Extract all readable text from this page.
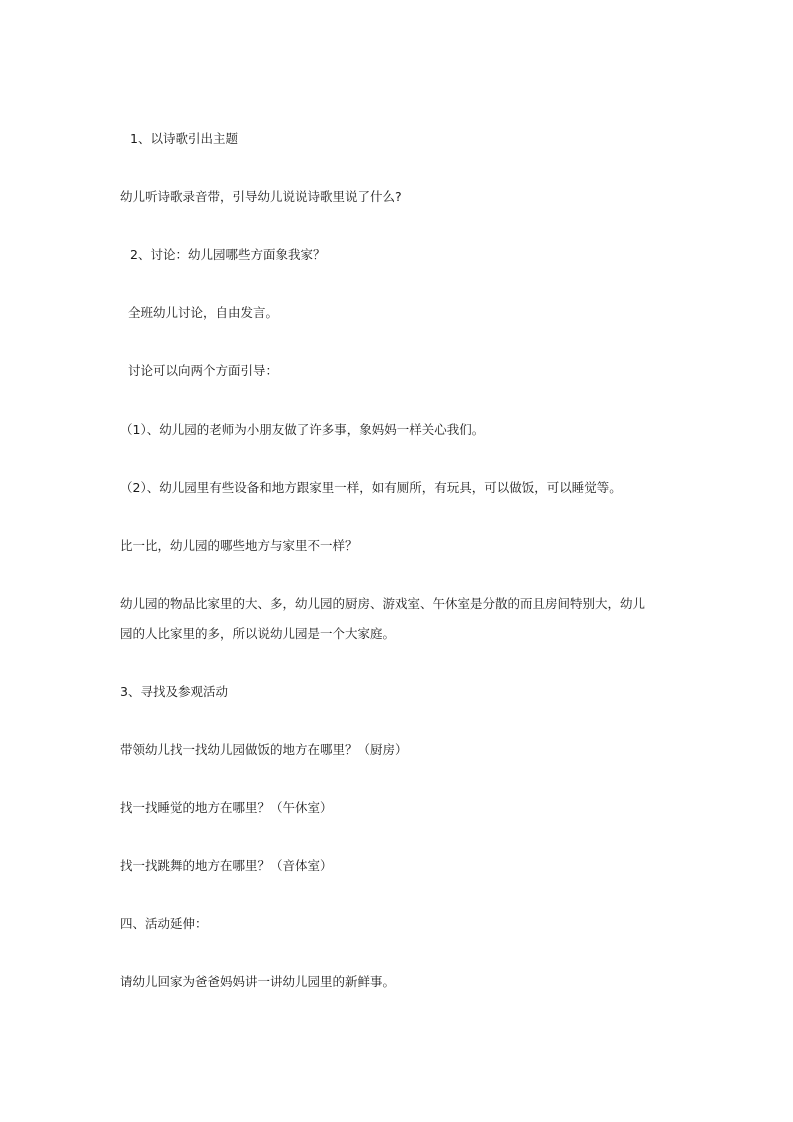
1、以诗歌引出主题
幼儿听诗歌录音带，引导幼儿说说诗歌里说了什么?
2、讨论：幼儿园哪些方面象我家？
全班幼儿讨论，自由发言。
讨论可以向两个方面引导：
（1）、幼儿园的老师为小朋友做了许多事，象妈妈一样关心我们。
（2）、幼儿园里有些设备和地方跟家里一样，如有厕所，有玩具，可以做饭，可以睡觉等。
比一比，幼儿园的哪些地方与家里不一样？
幼儿园的物品比家里的大、多，幼儿园的厨房、游戏室、午休室是分散的而且房间特别大，幼儿
园的人比家里的多，所以说幼儿园是一个大家庭。
3、寻找及参观活动
带领幼儿找一找幼儿园做饭的地方在哪里？（厨房）
找一找睡觉的地方在哪里？（午休室）
找一找跳舞的地方在哪里？（音体室）
四、活动延伸：
请幼儿回家为爸爸妈妈讲一讲幼儿园里的新鲜事。
